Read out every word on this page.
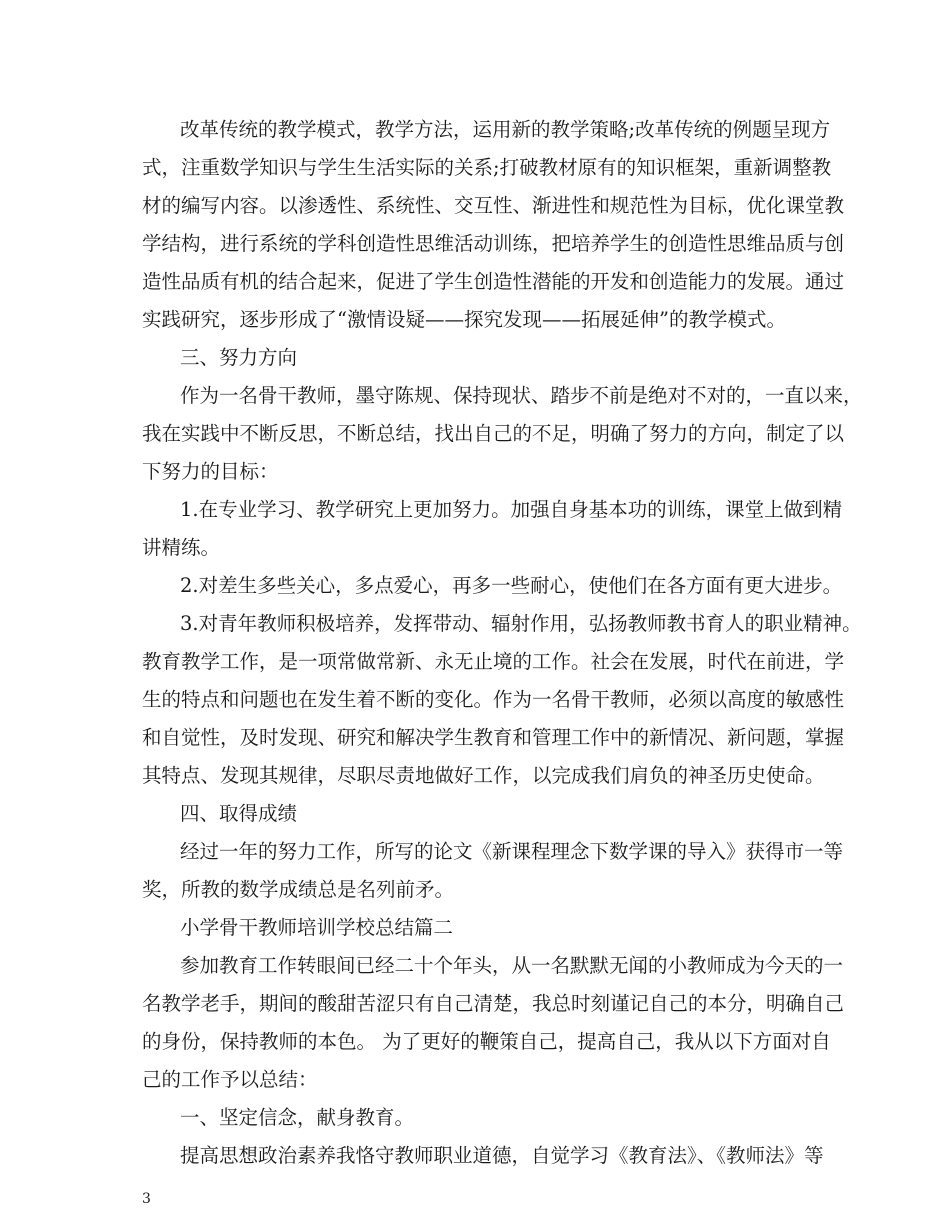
改革传统的教学模式，教学方法，运用新的教学策略;改革传统的例题呈现方
式，注重数学知识与学生生活实际的关系;打破教材原有的知识框架，重新调整教
材的编写内容。以渗透性、系统性、交互性、渐进性和规范性为目标，优化课堂教
学结构，进行系统的学科创造性思维活动训练，把培养学生的创造性思维品质与创
造性品质有机的结合起来，促进了学生创造性潜能的开发和创造能力的发展。通过
实践研究，逐步形成了“激情设疑——探究发现——拓展延伸”的教学模式。
三、努力方向
作为一名骨干教师，墨守陈规、保持现状、踏步不前是绝对不对的，一直以来，
我在实践中不断反思，不断总结，找出自己的不足，明确了努力的方向，制定了以
下努力的目标：
1.在专业学习、教学研究上更加努力。加强自身基本功的训练，课堂上做到精
讲精练。
2.对差生多些关心，多点爱心，再多一些耐心，使他们在各方面有更大进步。
3.对青年教师积极培养，发挥带动、辐射作用，弘扬教师教书育人的职业精神。
教育教学工作，是一项常做常新、永无止境的工作。社会在发展，时代在前进，学
生的特点和问题也在发生着不断的变化。作为一名骨干教师，必须以高度的敏感性
和自觉性，及时发现、研究和解决学生教育和管理工作中的新情况、新问题，掌握
其特点、发现其规律，尽职尽责地做好工作，以完成我们肩负的神圣历史使命。
四、取得成绩
经过一年的努力工作，所写的论文《新课程理念下数学课的导入》获得市一等
奖，所教的数学成绩总是名列前矛。
小学骨干教师培训学校总结篇二
参加教育工作转眼间已经二十个年头，从一名默默无闻的小教师成为今天的一
名教学老手，期间的酸甜苦涩只有自己清楚，我总时刻谨记自己的本分，明确自己
的身份，保持教师的本色。 为了更好的鞭策自己，提高自己，我从以下方面对自
己的工作予以总结：
一、坚定信念，献身教育。
提高思想政治素养我恪守教师职业道德，自觉学习《教育法》、《教师法》等
3
